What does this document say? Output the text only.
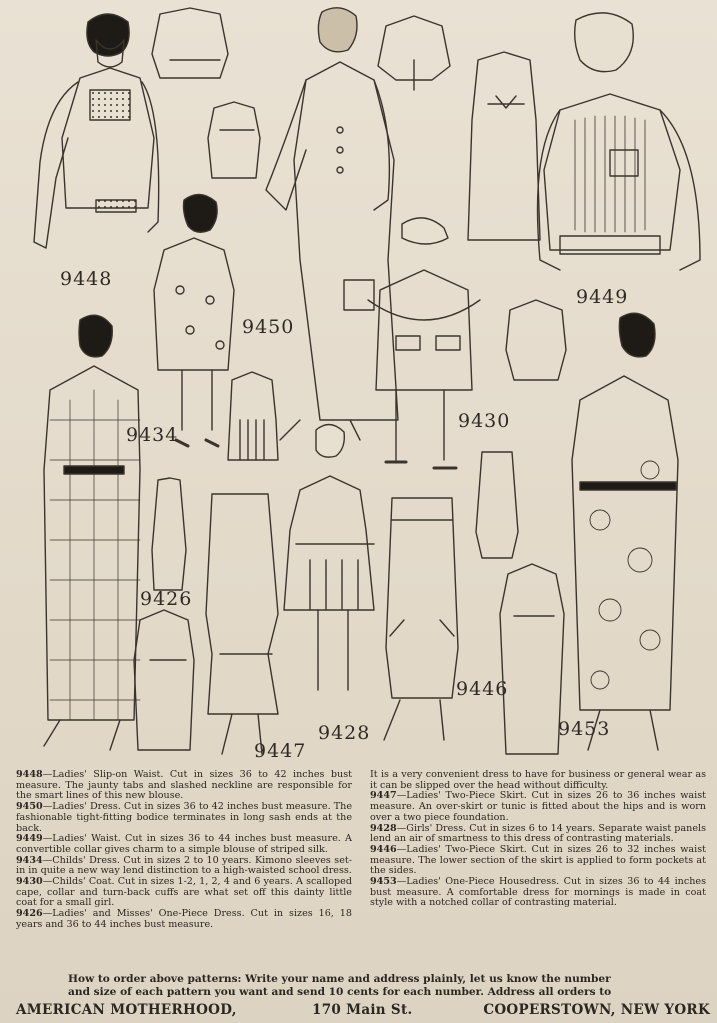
9448
9450
9449
9434
9430
9426
9447
9428
9446
9453

9448—Ladies' Slip-on Waist. Cut in sizes 36 to 42 inches bust measure. The jaunty tabs and slashed neckline are responsible for the smart lines of this new blouse.

9450—Ladies' Dress. Cut in sizes 36 to 42 inches bust measure. The fashionable tight-fitting bodice terminates in long sash ends at the back.

9449—Ladies' Waist. Cut in sizes 36 to 44 inches bust measure. A convertible collar gives charm to a simple blouse of striped silk.

9434—Childs' Dress. Cut in sizes 2 to 10 years. Kimono sleeves set-in in quite a new way lend distinction to a high-waisted school dress.

9430—Childs' Coat. Cut in sizes 1-2, 1, 2, 4 and 6 years. A scalloped cape, collar and turn-back cuffs are what set off this dainty little coat for a small girl.

9426—Ladies' and Misses' One-Piece Dress. Cut in sizes 16, 18 years and 36 to 44 inches bust measure.

It is a very convenient dress to have for business or general wear as it can be slipped over the head without difficulty.

9447—Ladies' Two-Piece Skirt. Cut in sizes 26 to 36 inches waist measure. An over-skirt or tunic is fitted about the hips and is worn over a two piece foundation.

9428—Girls' Dress. Cut in sizes 6 to 14 years. Separate waist panels lend an air of smartness to this dress of contrasting materials.

9446—Ladies' Two-Piece Skirt. Cut in sizes 26 to 32 inches waist measure. The lower section of the skirt is applied to form pockets at the sides.

9453—Ladies' One-Piece Housedress. Cut in sizes 36 to 44 inches bust measure. A comfortable dress for mornings is made in coat style with a notched collar of contrasting material.

How to order above patterns: Write your name and address plainly, let us know the number

and size of each pattern you want and send 10 cents for each number. Address all orders to

AMERICAN MOTHERHOOD,	170 Main St.	COOPERSTOWN, NEW YORK
